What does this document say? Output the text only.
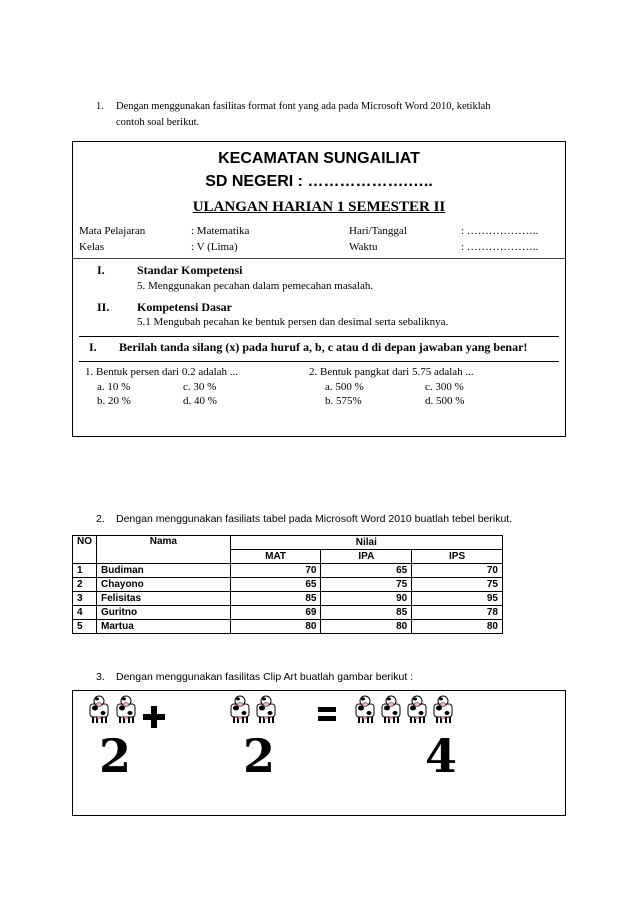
1. Dengan menggunakan fasilitas format font yang ada pada Microsoft Word 2010, ketiklah
contoh soal berikut.
KECAMATAN SUNGAILIAT
SD NEGERI : ……………….…..
ULANGAN HARIAN 1 SEMESTER II
Mata Pelajaran	: Matematika
Kelas	: V (Lima)
Hari/Tanggal	: ………………..
Waktu	: ………………..
I.	Standar Kompetensi
5. Menggunakan pecahan dalam pemecahan masalah.
II. Kompetensi Dasar
5.1 Mengubah pecahan ke bentuk persen dan desimal serta sebaliknya.
I. Berilah tanda silang (x) pada huruf a, b, c atau d di depan jawaban yang benar!
1. Bentuk persen dari 0.2 adalah ...
a. 10 %	c. 30 %
b. 20 %	d. 40 %
2. Bentuk pangkat dari 5.75 adalah ...
a. 500 %	c. 300 %
b. 575%	d. 500 %
2. Dengan menggunakan fasiliats tabel pada Microsoft Word 2010 buatlah tebel berikut.
NO	Nama	Nilai		
		MAT	IPA	IPS
1	Budiman	70	65	70
2	Chayono	65	75	75
3	Felisitas	85	90	95
4	Guritno	69	85	78
5	Martua	80	80	80
3. Dengan menggunakan fasilitas Clip Art buatlah gambar berikut :
2 2	4
